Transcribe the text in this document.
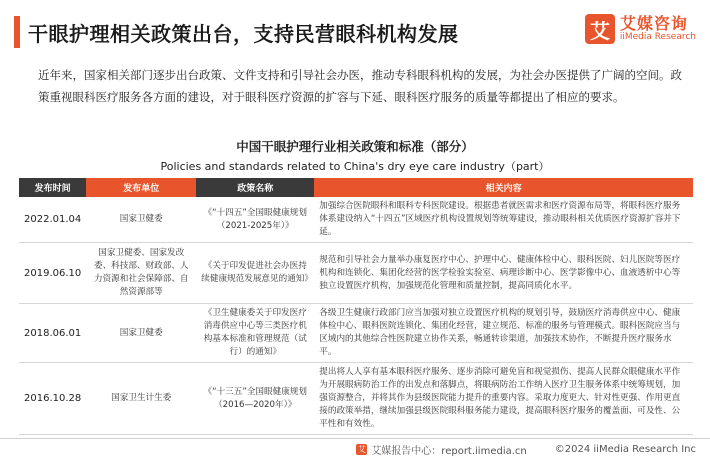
干眼护理相关政策出台，支持民营眼科机构发展	艾 艾媒咨询
iiMedia Research

近年来，国家相关部门逐步出台政策、文件支持和引导社会办医，推动专科眼科机构的发展，为社会办医提供了广阔的空间。政策重视眼科医疗服务各方面的建设，对于眼科医疗资源的扩容与下延、眼科医疗服务的质量等都提出了相应的要求。

中国干眼护理行业相关政策和标准（部分）
Policies and standards related to China's dry eye care industry（part）
发布时间	发布单位	政策名称	相关内容
2022.01.04	国家卫健委	《“十四五”全国眼健康规划（2021-2025年）》	加强综合医院眼科和眼科专科医院建设。根据患者就医需求和医疗资源布局等，将眼科医疗服务体系建设纳入“十四五”区域医疗机构设置规划等统筹建设，推动眼科相关优质医疗资源扩容并下延。
2019.06.10	国家卫健委、国家发改委、科技部、财政部、人力资源和社会保障部、自然资源部等	《关于印发促进社会办医持续健康规范发展意见的通知》	规范和引导社会力量举办康复医疗中心、护理中心、健康体检中心、眼科医院、妇儿医院等医疗机构和连锁化、集团化经营的医学检验实验室、病理诊断中心、医学影像中心、血液透析中心等独立设置医疗机构，加强规范化管理和质量控制，提高同质化水平。
2018.06.01	国家卫健委	《卫生健康委关于印发医疗消毒供应中心等三类医疗机构基本标准和管理规范（试行）的通知》	各级卫生健康行政部门应当加强对独立设置医疗机构的规划引导，鼓励医疗消毒供应中心、健康体检中心、眼科医院连锁化、集团化经营，建立规范、标准的服务与管理模式。眼科医院应当与区域内的其他综合性医院建立协作关系，畅通转诊渠道，加强技术协作，不断提升医疗服务水平。
2016.10.28	国家卫生计生委	《“十三五”全国眼健康规划（2016—2020年）》	提出将人人享有基本眼科医疗服务、逐步消除可避免盲和视觉损伤、提高人民群众眼健康水平作为开展眼病防治工作的出发点和落脚点，将眼病防治工作纳入医疗卫生服务体系中统筹规划，加强资源整合，并将其作为县级医院能力提升的重要内容。采取力度更大、针对性更强、作用更直接的政策举措，继续加强县级医院眼科服务能力建设，提高眼科医疗服务的覆盖面、可及性、公平性和有效性。
艾 艾媒报告中心：report.iimedia.cn	©2024 iiMedia Research Inc
